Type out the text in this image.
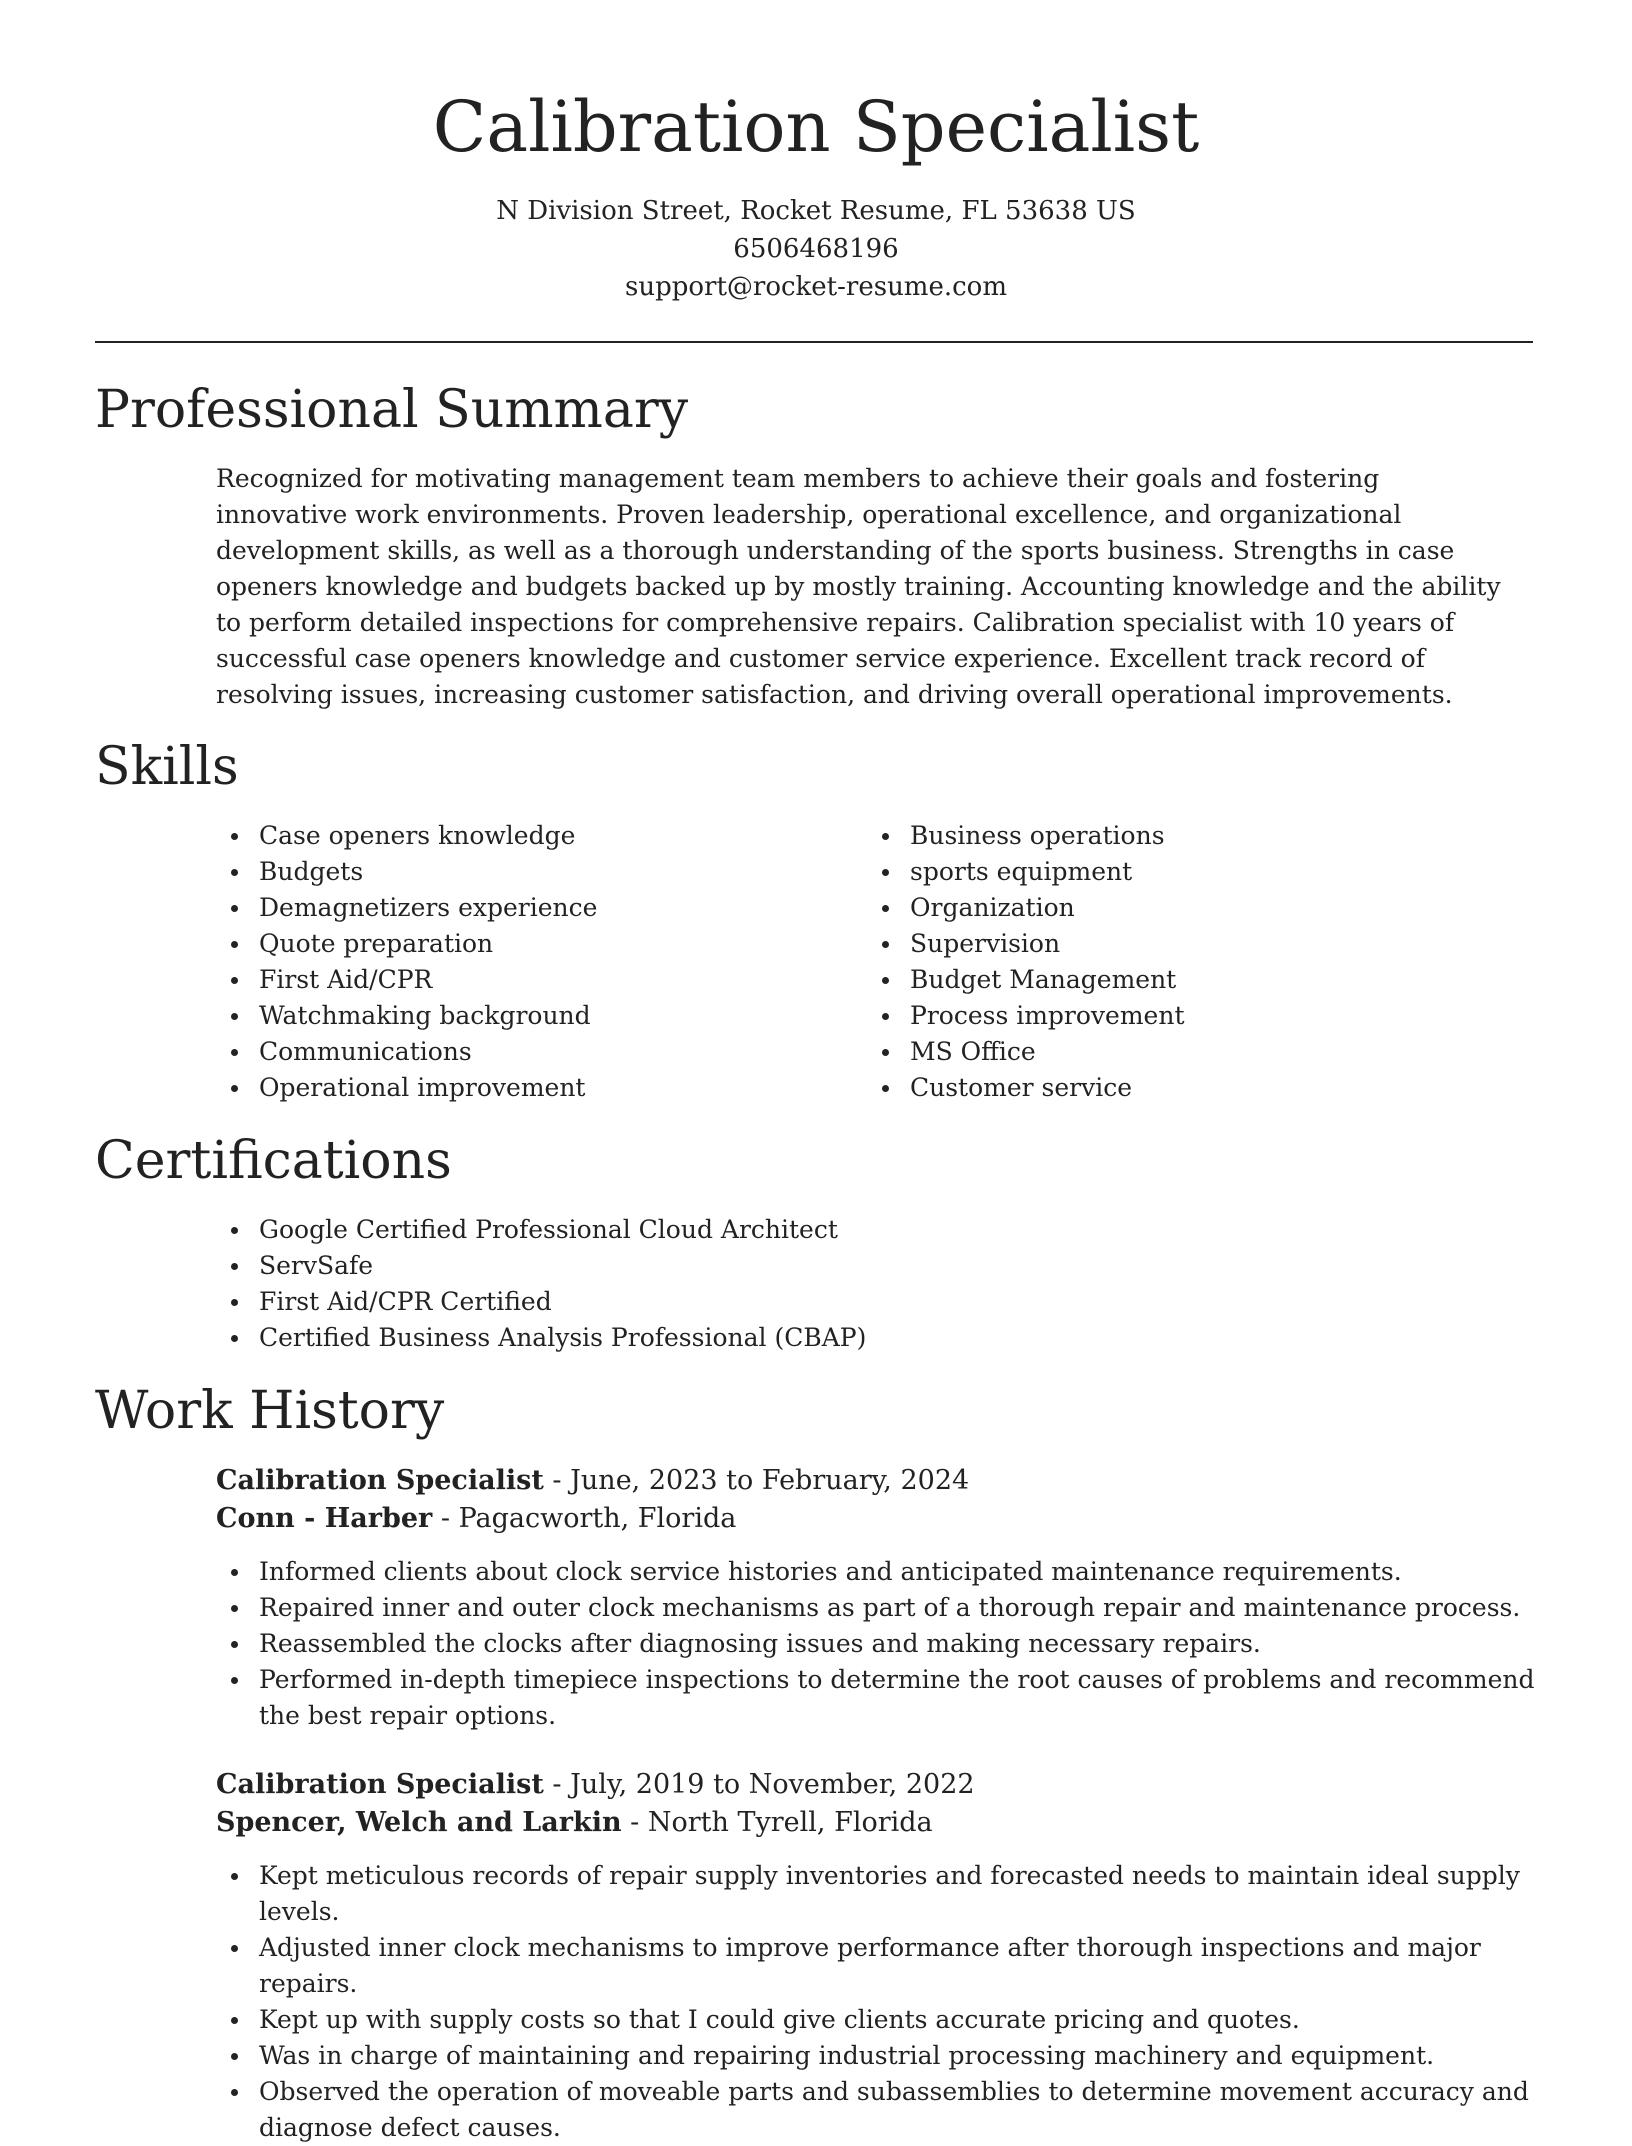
Calibration Specialist
N Division Street, Rocket Resume, FL 53638 US
6506468196
support@rocket-resume.com
Professional Summary

Recognized for motivating management team members to achieve their goals and fostering innovative work environments. Proven leadership, operational excellence, and organizational development skills, as well as a thorough understanding of the sports business. Strengths in case openers knowledge and budgets backed up by mostly training. Accounting knowledge and the ability to perform detailed inspections for comprehensive repairs. Calibration specialist with 10 years of successful case openers knowledge and customer service experience. Excellent track record of resolving issues, increasing customer satisfaction, and driving overall operational improvements.

Skills
Case openers knowledge
Budgets
Demagnetizers experience
Quote preparation
First Aid/CPR
Watchmaking background
Communications
Operational improvement
Business operations
sports equipment
Organization
Supervision
Budget Management
Process improvement
MS Office
Customer service
Certifications
Google Certified Professional Cloud Architect
ServSafe
First Aid/CPR Certified
Certified Business Analysis Professional (CBAP)
Work History
Calibration Specialist - June, 2023 to February, 2024
Conn - Harber - Pagacworth, Florida
Informed clients about clock service histories and anticipated maintenance requirements.
Repaired inner and outer clock mechanisms as part of a thorough repair and maintenance process.
Reassembled the clocks after diagnosing issues and making necessary repairs.
Performed in-depth timepiece inspections to determine the root causes of problems and recommend the best repair options.
Calibration Specialist - July, 2019 to November, 2022
Spencer, Welch and Larkin - North Tyrell, Florida
Kept meticulous records of repair supply inventories and forecasted needs to maintain ideal supply levels.
Adjusted inner clock mechanisms to improve performance after thorough inspections and major repairs.
Kept up with supply costs so that I could give clients accurate pricing and quotes.
Was in charge of maintaining and repairing industrial processing machinery and equipment.
Observed the operation of moveable parts and subassemblies to determine movement accuracy and diagnose defect causes.
